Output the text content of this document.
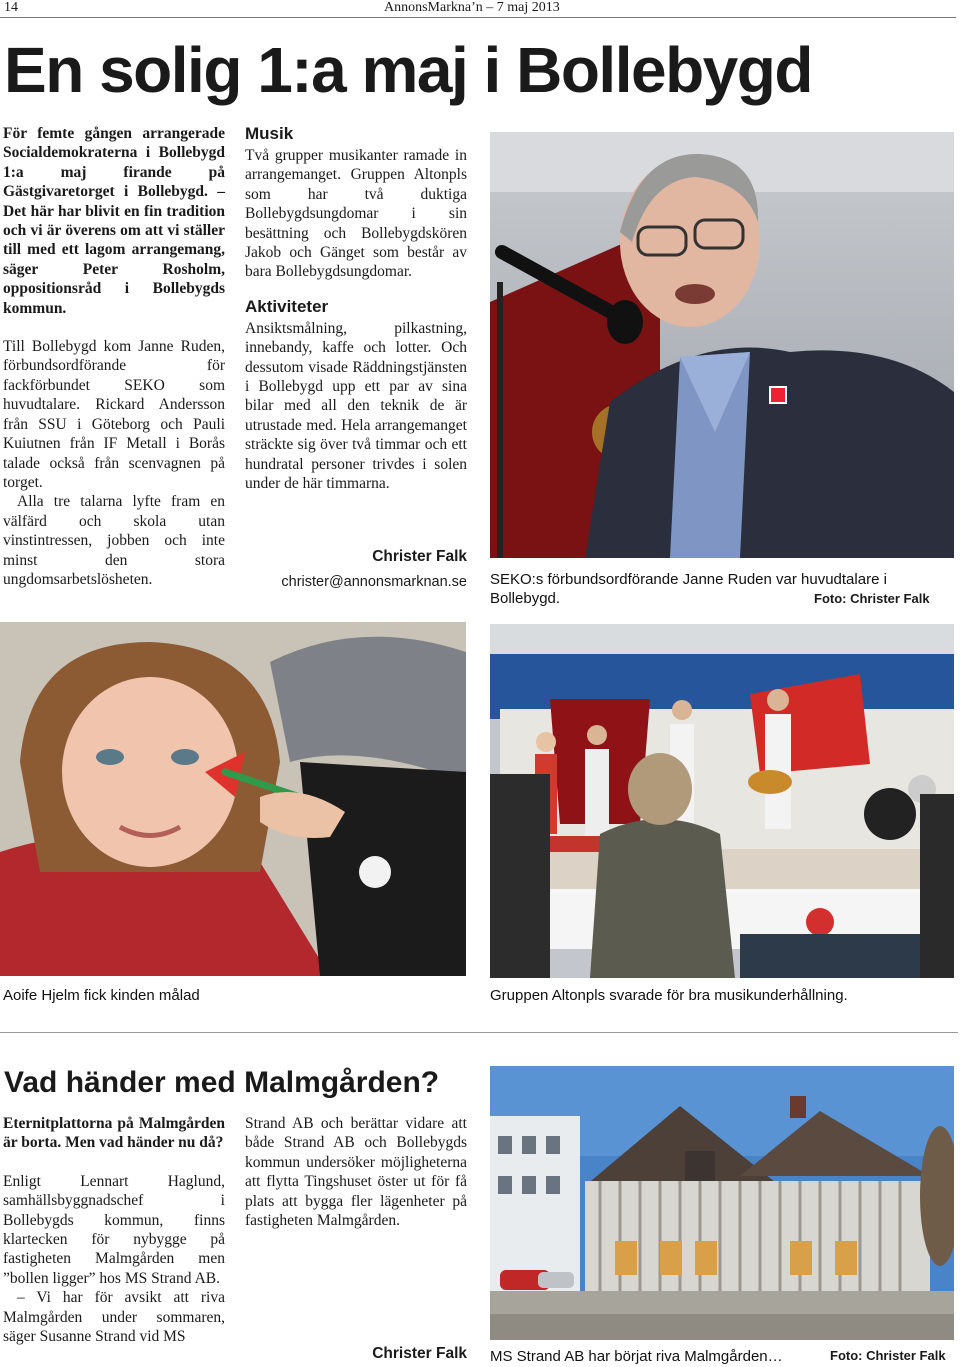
14	AnnonsMarkna’n – 7 maj 2013
En solig 1:a maj i Bollebygd

För femte gången arrangerade Socialdemokraterna i Bollebygd 1:a maj firande på Gästgivaretorget i Bollebygd. –Det här har blivit en fin tradition och vi är överens om att vi ställer till med ett lagom arrangemang, säger Peter Rosholm, oppositionsråd i Bollebygds kommun.

Till Bollebygd kom Janne Ruden, förbundsordförande för fackförbundet SEKO som huvudtalare. Rickard Andersson från SSU i Göteborg och Pauli Kuiutnen från IF Metall i Borås talade också från scenvagnen på torget.

Alla tre talarna lyfte fram en välfärd och skola utan vinstintressen, jobben och inte minst den stora ungdomsarbetslösheten.

Musik

Två grupper musikanter ramade in arrangemanget. Gruppen Altonpls som har två duktiga Bollebygdsungdomar i sin besättning och Bollebygdskören Jakob och Gänget som består av bara Bollebygdsungdomar.

Aktiviteter

Ansiktsmålning, pilkastning, innebandy, kaffe och lotter. Och dessutom visade Räddningstjänsten i Bollebygd upp ett par av sina bilar med all den teknik de är utrustade med. Hela arrangemanget sträckte sig över två timmar och ett hundratal personer trivdes i solen under de här timmarna.

Christer Falk
christer@annonsmarknan.se SEKO:s förbundsordförande Janne Ruden var huvudtalare i Bollebygd.	Foto: Christer Falk
Aoife Hjelm fick kinden målad	Gruppen Altonpls svarade för bra musikunderhållning.
Vad händer med Malmgården?

Eternitplattorna på Malmgården är borta. Men vad händer nu då?

Enligt Lennart Haglund, samhällsbyggnadschef i Bollebygds kommun, finns klartecken för nybygge på fastigheten Malmgården men ”bollen ligger” hos MS Strand AB.

– Vi har för avsikt att riva Malmgården under sommaren, säger Susanne Strand vid MS

Strand AB och berättar vidare att både Strand AB och Bollebygds kommun undersöker möjligheterna att flytta Tingshuset öster ut för få plats att bygga fler lägenheter på fastigheten Malmgården.

Christer Falk MS Strand AB har börjat riva Malmgården…	Foto: Christer Falk
